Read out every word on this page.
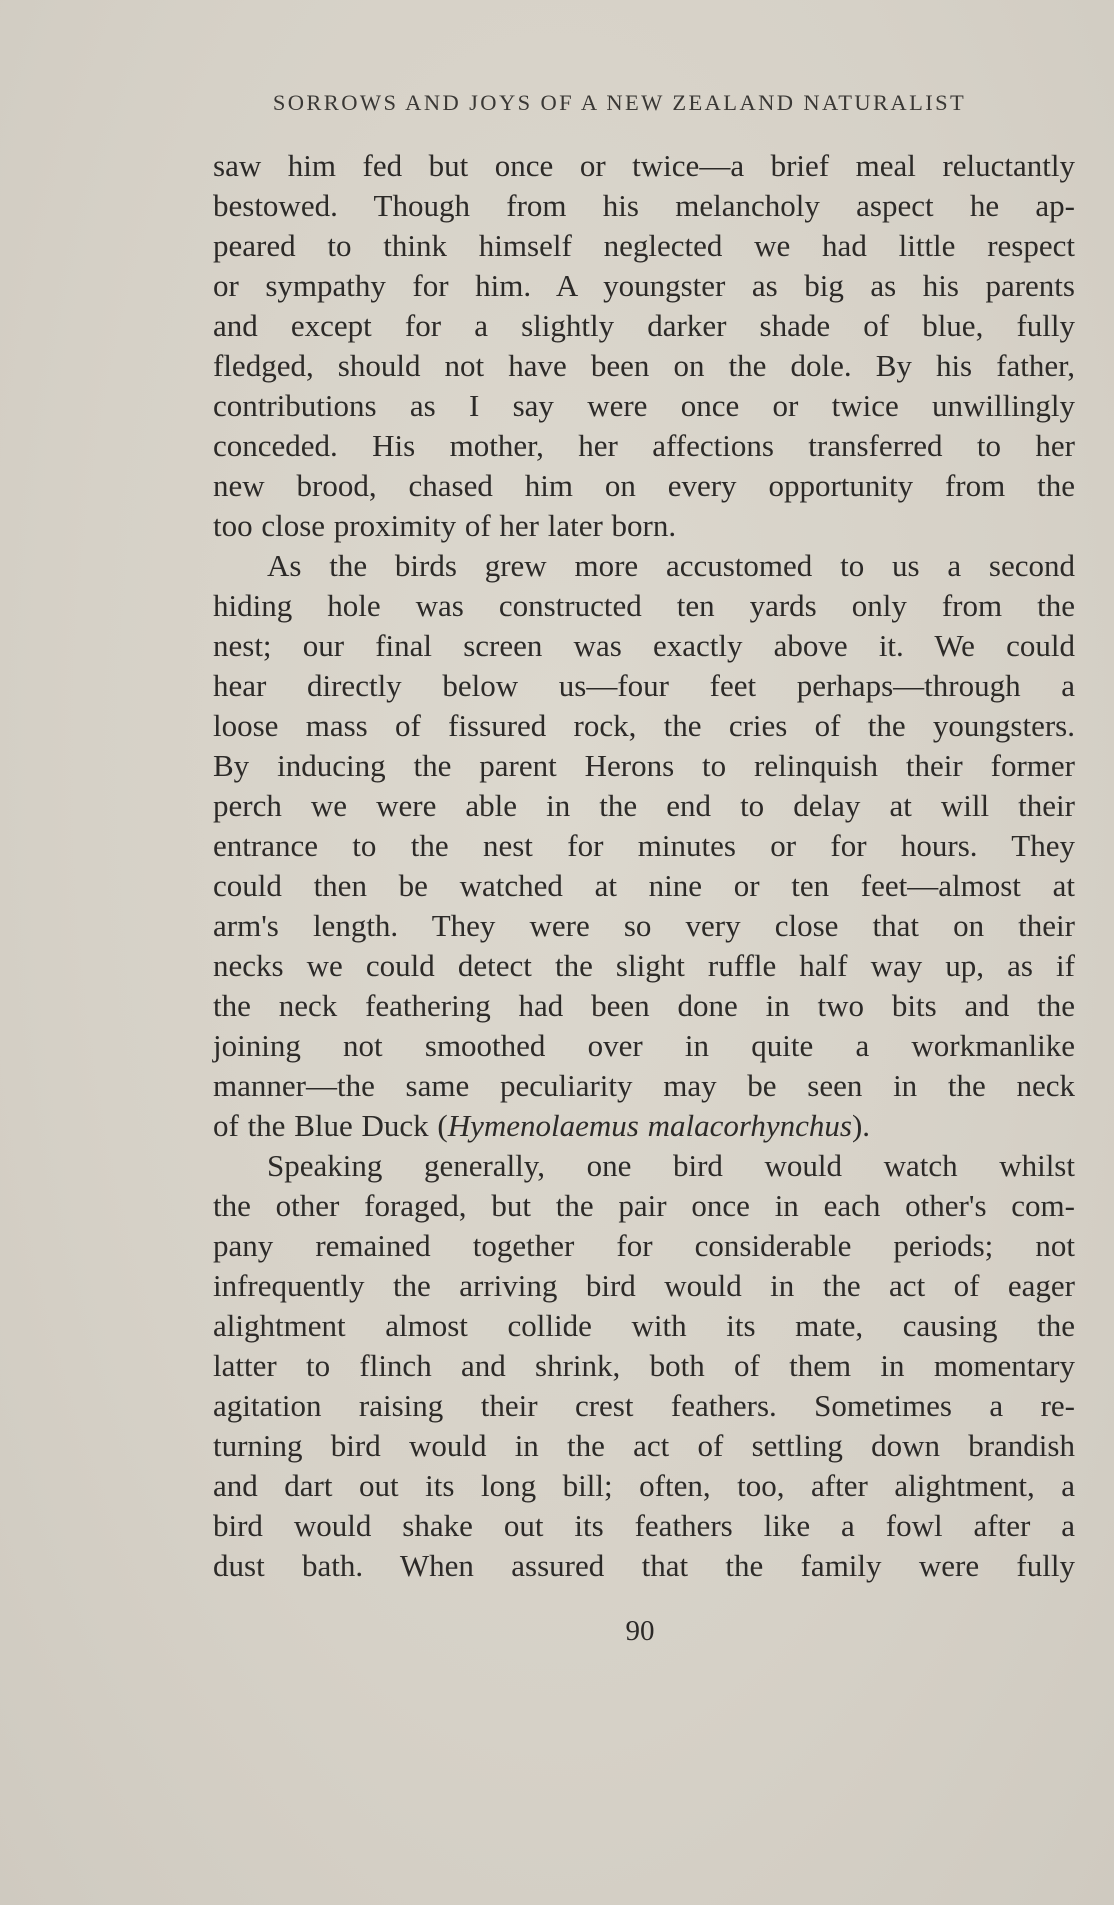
SORROWS AND JOYS OF A NEW ZEALAND NATURALIST
saw him fed but once or twice—a brief meal reluctantly
bestowed. Though from his melancholy aspect he ap-
peared to think himself neglected we had little respect
or sympathy for him. A youngster as big as his parents
and except for a slightly darker shade of blue, fully
fledged, should not have been on the dole. By his father,
contributions as I say were once or twice unwillingly
conceded. His mother, her affections transferred to her
new brood, chased him on every opportunity from the
too close proximity of her later born.
As the birds grew more accustomed to us a second
hiding hole was constructed ten yards only from the
nest; our final screen was exactly above it. We could
hear directly below us—four feet perhaps—through a
loose mass of fissured rock, the cries of the youngsters.
By inducing the parent Herons to relinquish their former
perch we were able in the end to delay at will their
entrance to the nest for minutes or for hours. They
could then be watched at nine or ten feet—almost at
arm's length. They were so very close that on their
necks we could detect the slight ruffle half way up, as if
the neck feathering had been done in two bits and the
joining not smoothed over in quite a workmanlike
manner—the same peculiarity may be seen in the neck
of the Blue Duck (Hymenolaemus malacorhynchus).
Speaking generally, one bird would watch whilst
the other foraged, but the pair once in each other's com-
pany remained together for considerable periods; not
infrequently the arriving bird would in the act of eager
alightment almost collide with its mate, causing the
latter to flinch and shrink, both of them in momentary
agitation raising their crest feathers. Sometimes a re-
turning bird would in the act of settling down brandish
and dart out its long bill; often, too, after alightment, a
bird would shake out its feathers like a fowl after a
dust bath. When assured that the family were fully
90
